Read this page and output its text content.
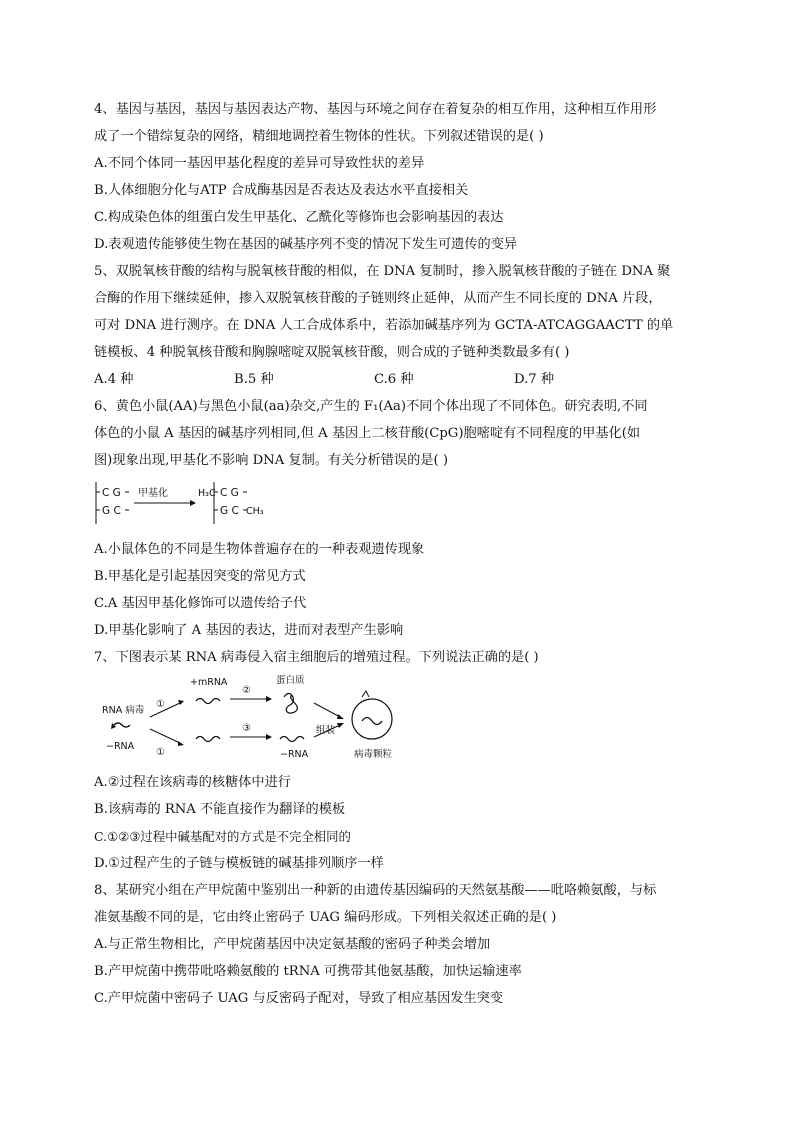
4、基因与基因，基因与基因表达产物、基因与环境之间存在着复杂的相互作用，这种相互作用形
成了一个错综复杂的网络，精细地调控着生物体的性状。下列叙述错误的是( )
A.不同个体同一基因甲基化程度的差异可导致性状的差异
B.人体细胞分化与ATP 合成酶基因是否表达及表达水平直接相关
C.构成染色体的组蛋白发生甲基化、乙酰化等修饰也会影响基因的表达
D.表观遗传能够使生物在基因的碱基序列不变的情况下发生可遗传的变异
5、双脱氧核苷酸的结构与脱氧核苷酸的相似，在 DNA 复制时，掺入脱氧核苷酸的子链在 DNA 聚
合酶的作用下继续延伸，掺入双脱氧核苷酸的子链则终止延伸，从而产生不同长度的 DNA 片段，
可对 DNA 进行测序。在 DNA 人工合成体系中，若添加碱基序列为 GCTA-ATCAGGAACTT 的单
链模板、4 种脱氧核苷酸和胸腺嘧啶双脱氧核苷酸，则合成的子链种类数最多有( )
A.4 种	B.5 种	C.6 种	D.7 种
6、黄色小鼠(AA)与黑色小鼠(aa)杂交,产生的 F₁(Aa)不同个体出现了不同体色。研究表明,不同
体色的小鼠 A 基因的碱基序列相同,但 A 基因上二核苷酸(CpG)胞嘧啶有不同程度的甲基化(如
图)现象出现,甲基化不影响 DNA 复制。有关分析错误的是( )
C G
G C
甲基化	H₃C C G
G C CH₃
A.小鼠体色的不同是生物体普遍存在的一种表观遗传现象
B.甲基化是引起基因突变的常见方式
C.A 基因甲基化修饰可以遗传给子代
D.甲基化影响了 A 基因的表达，进而对表型产生影响
7、下图表示某 RNA 病毒侵入宿主细胞后的增殖过程。下列说法正确的是( )
RNA 病毒
−RNA
①
①
+mRNA
②
③
蛋白质
−RNA
组装
病毒颗粒
A.②过程在该病毒的核糖体中进行
B.该病毒的 RNA 不能直接作为翻译的模板
C.①②③过程中碱基配对的方式是不完全相同的
D.①过程产生的子链与模板链的碱基排列顺序一样
8、某研究小组在产甲烷菌中鉴别出一种新的由遗传基因编码的天然氨基酸——吡咯赖氨酸，与标
准氨基酸不同的是，它由终止密码子 UAG 编码形成。下列相关叙述正确的是( )
A.与正常生物相比，产甲烷菌基因中决定氨基酸的密码子种类会增加
B.产甲烷菌中携带吡咯赖氨酸的 tRNA 可携带其他氨基酸，加快运输速率
C.产甲烷菌中密码子 UAG 与反密码子配对，导致了相应基因发生突变
